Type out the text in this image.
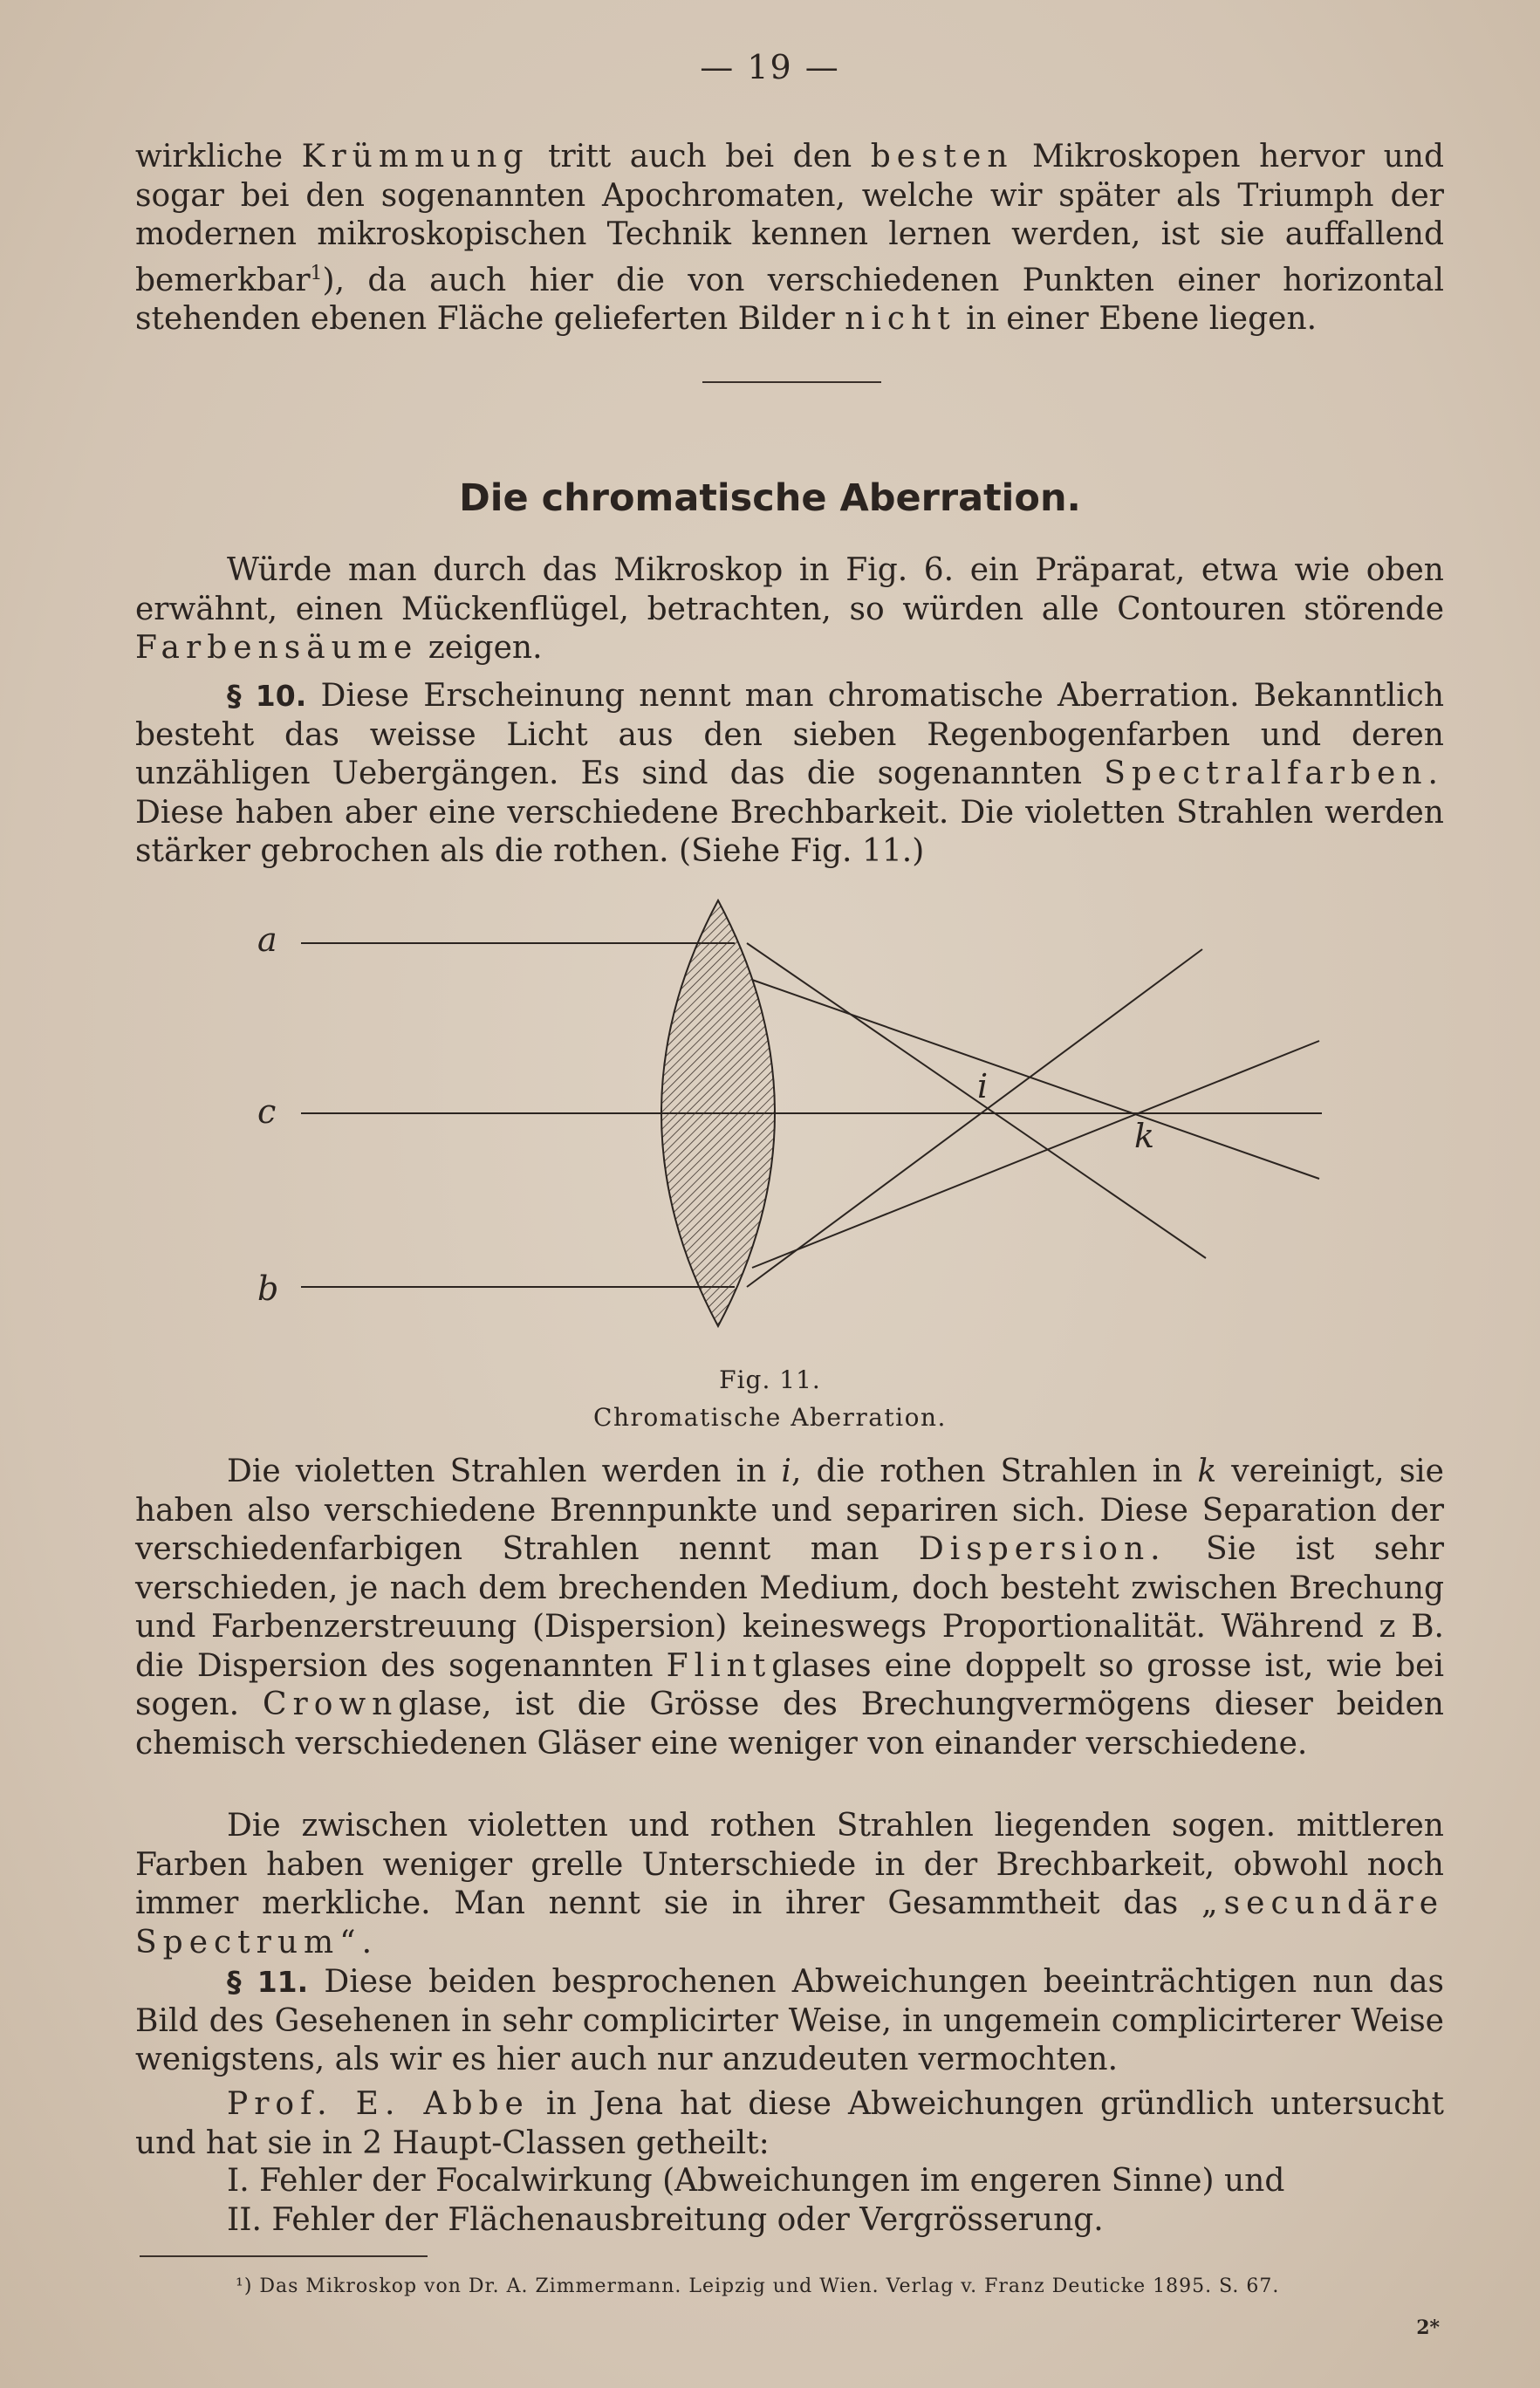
— 19 —

wirkliche Krümmung tritt auch bei den besten Mikroskopen hervor und sogar bei den sogenannten Apochromaten, welche wir später als Triumph der modernen mikroskopischen Technik kennen lernen werden, ist sie auffallend bemerkbar$^1$), da auch hier die von verschiedenen Punkten einer horizontal stehenden ebenen Fläche gelieferten Bilder nicht in einer Ebene liegen.

Die chromatische Aberration.

Würde man durch das Mikroskop in Fig. 6. ein Präparat, etwa wie oben erwähnt, einen Mückenflügel, betrachten, so würden alle Contouren störende Farbensäume zeigen.

§ 10. Diese Erscheinung nennt man chromatische Aberration. Bekanntlich besteht das weisse Licht aus den sieben Regenbogenfarben und deren unzähligen Uebergängen. Es sind das die sogenannten Spectralfarben. Diese haben aber eine verschiedene Brechbarkeit. Die violetten Strahlen werden stärker gebrochen als die rothen. (Siehe Fig. 11.)

a
c
b
i
k
Fig. 11.
Chromatische Aberration.

Die violetten Strahlen werden in i, die rothen Strahlen in k vereinigt, sie haben also verschiedene Brennpunkte und separiren sich. Diese Separation der verschiedenfarbigen Strahlen nennt man Dispersion. Sie ist sehr verschieden, je nach dem brechenden Medium, doch besteht zwischen Brechung und Farbenzerstreuung (Dispersion) keineswegs Proportionalität. Während z B. die Dispersion des sogenannten Flintglases eine doppelt so grosse ist, wie bei sogen. Crownglase, ist die Grösse des Brechungvermögens dieser beiden chemisch verschiedenen Gläser eine weniger von einander verschiedene.

Die zwischen violetten und rothen Strahlen liegenden sogen. mittleren Farben haben weniger grelle Unterschiede in der Brechbarkeit, obwohl noch immer merkliche. Man nennt sie in ihrer Gesammtheit das „secundäre Spectrum“.

§ 11. Diese beiden besprochenen Abweichungen beeinträchtigen nun das Bild des Gesehenen in sehr complicirter Weise, in ungemein complicirterer Weise wenigstens, als wir es hier auch nur anzudeuten vermochten.

Prof. E. Abbe in Jena hat diese Abweichungen gründlich untersucht und hat sie in 2 Haupt-Classen getheilt:

I. Fehler der Focalwirkung (Abweichungen im engeren Sinne) und

II. Fehler der Flächenausbreitung oder Vergrösserung.

¹) Das Mikroskop von Dr. A. Zimmermann. Leipzig und Wien. Verlag v. Franz Deuticke 1895. S. 67.
2*
